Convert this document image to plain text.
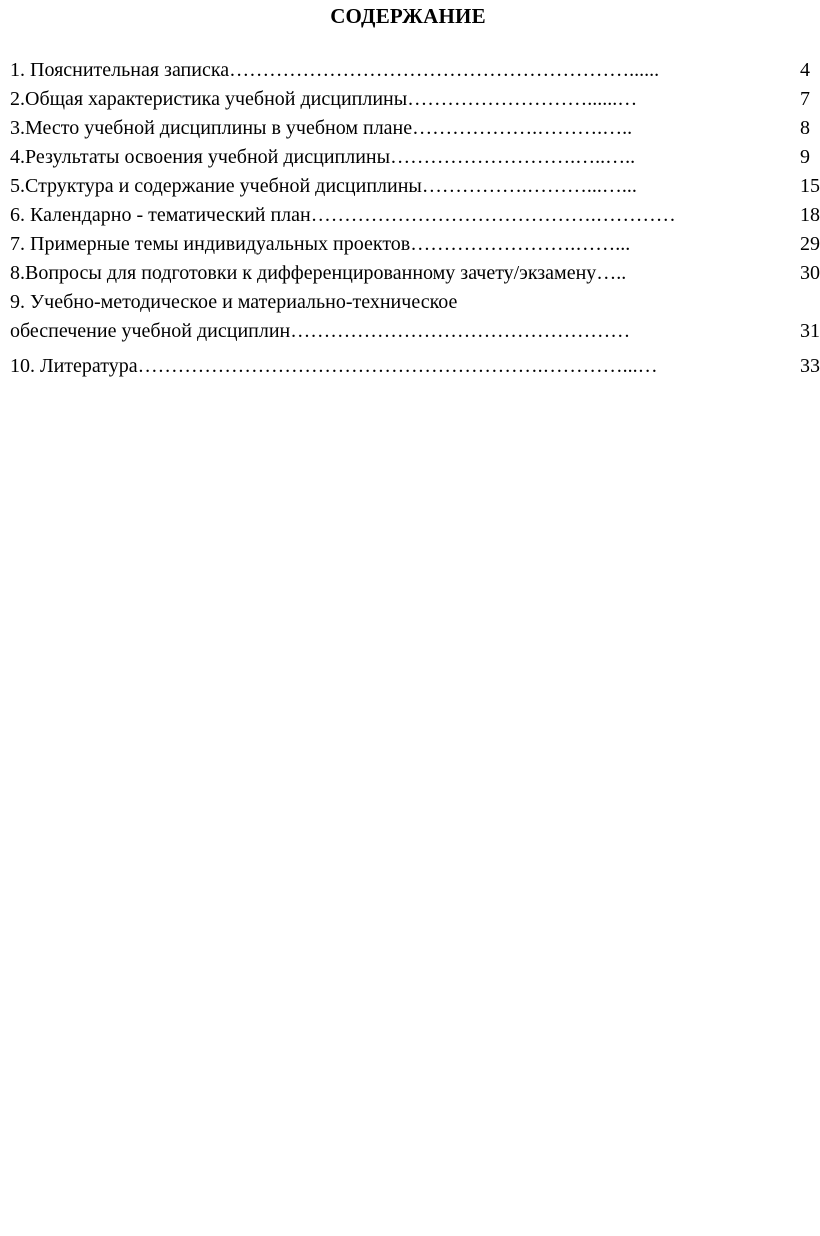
СОДЕРЖАНИЕ
1. Пояснительная записка……………………………………………………......	4
2.Общая характеристика учебной дисциплины………………………......…	7
3.Место учебной дисциплины в учебном плане……………….……….…..	8
4.Результаты освоения учебной дисциплины……………………….…..…..	9
5.Структура и содержание учебной дисциплины…………….………...…...	15
6. Календарно - тематический план…………………………………….…………	18
7. Примерные темы индивидуальных проектов…………………….……...	29
8.Вопросы для подготовки к дифференцированному зачету/экзамену…..	30
9. Учебно-методическое и материально-техническое
обеспечение учебной дисциплин……………………………………………	31
10. Литература…………………………………………………….…………...…	33
